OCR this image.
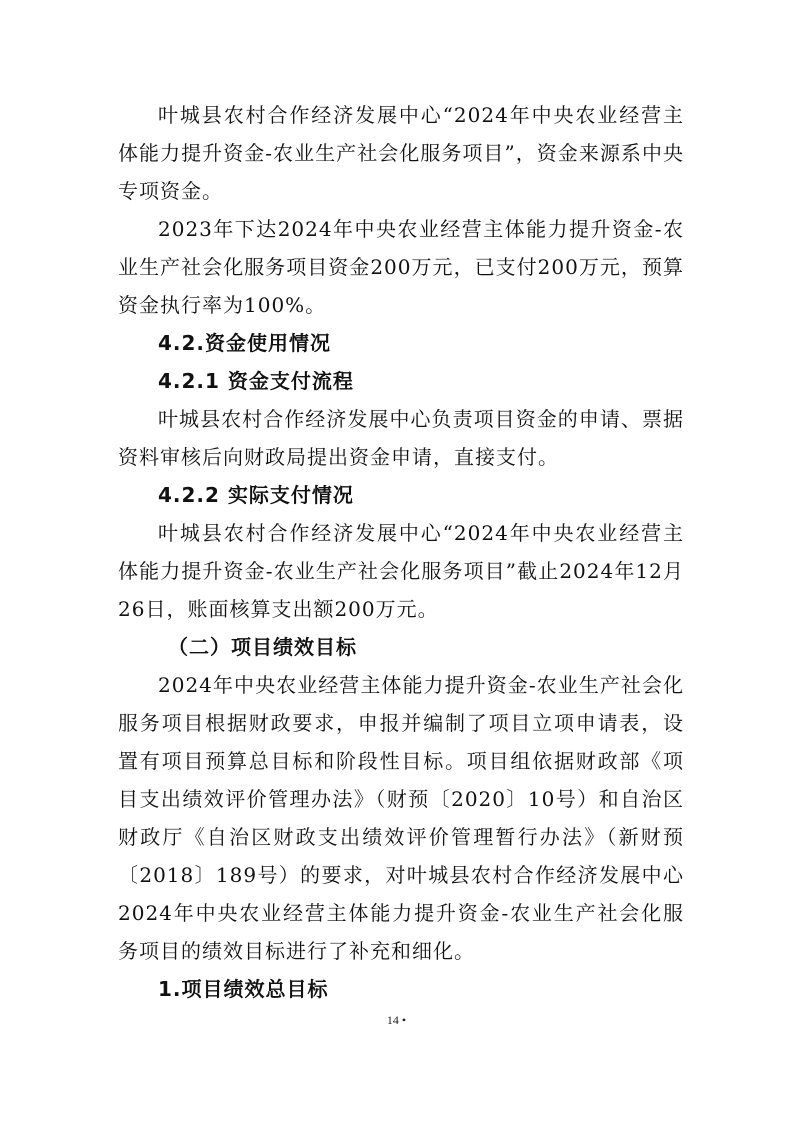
叶城县农村合作经济发展中心“2024年中央农业经营主体能力提升资金-农业生产社会化服务项目”，资金来源系中央专项资金。

2023年下达2024年中央农业经营主体能力提升资金-农业生产社会化服务项目资金200万元，已支付200万元，预算资金执行率为100%。

4.2.资金使用情况

4.2.1 资金支付流程

叶城县农村合作经济发展中心负责项目资金的申请、票据资料审核后向财政局提出资金申请，直接支付。

4.2.2 实际支付情况

叶城县农村合作经济发展中心“2024年中央农业经营主体能力提升资金-农业生产社会化服务项目”截止2024年12月26日，账面核算支出额200万元。

（二）项目绩效目标

2024年中央农业经营主体能力提升资金-农业生产社会化服务项目根据财政要求，申报并编制了项目立项申请表，设置有项目预算总目标和阶段性目标。项目组依据财政部《项目支出绩效评价管理办法》（财预〔2020〕10号）和自治区财政厅《自治区财政支出绩效评价管理暂行办法》（新财预〔2018〕189号）的要求，对叶城县农村合作经济发展中心2024年中央农业经营主体能力提升资金-农业生产社会化服务项目的绩效目标进行了补充和细化。

1.项目绩效总目标

14 •
